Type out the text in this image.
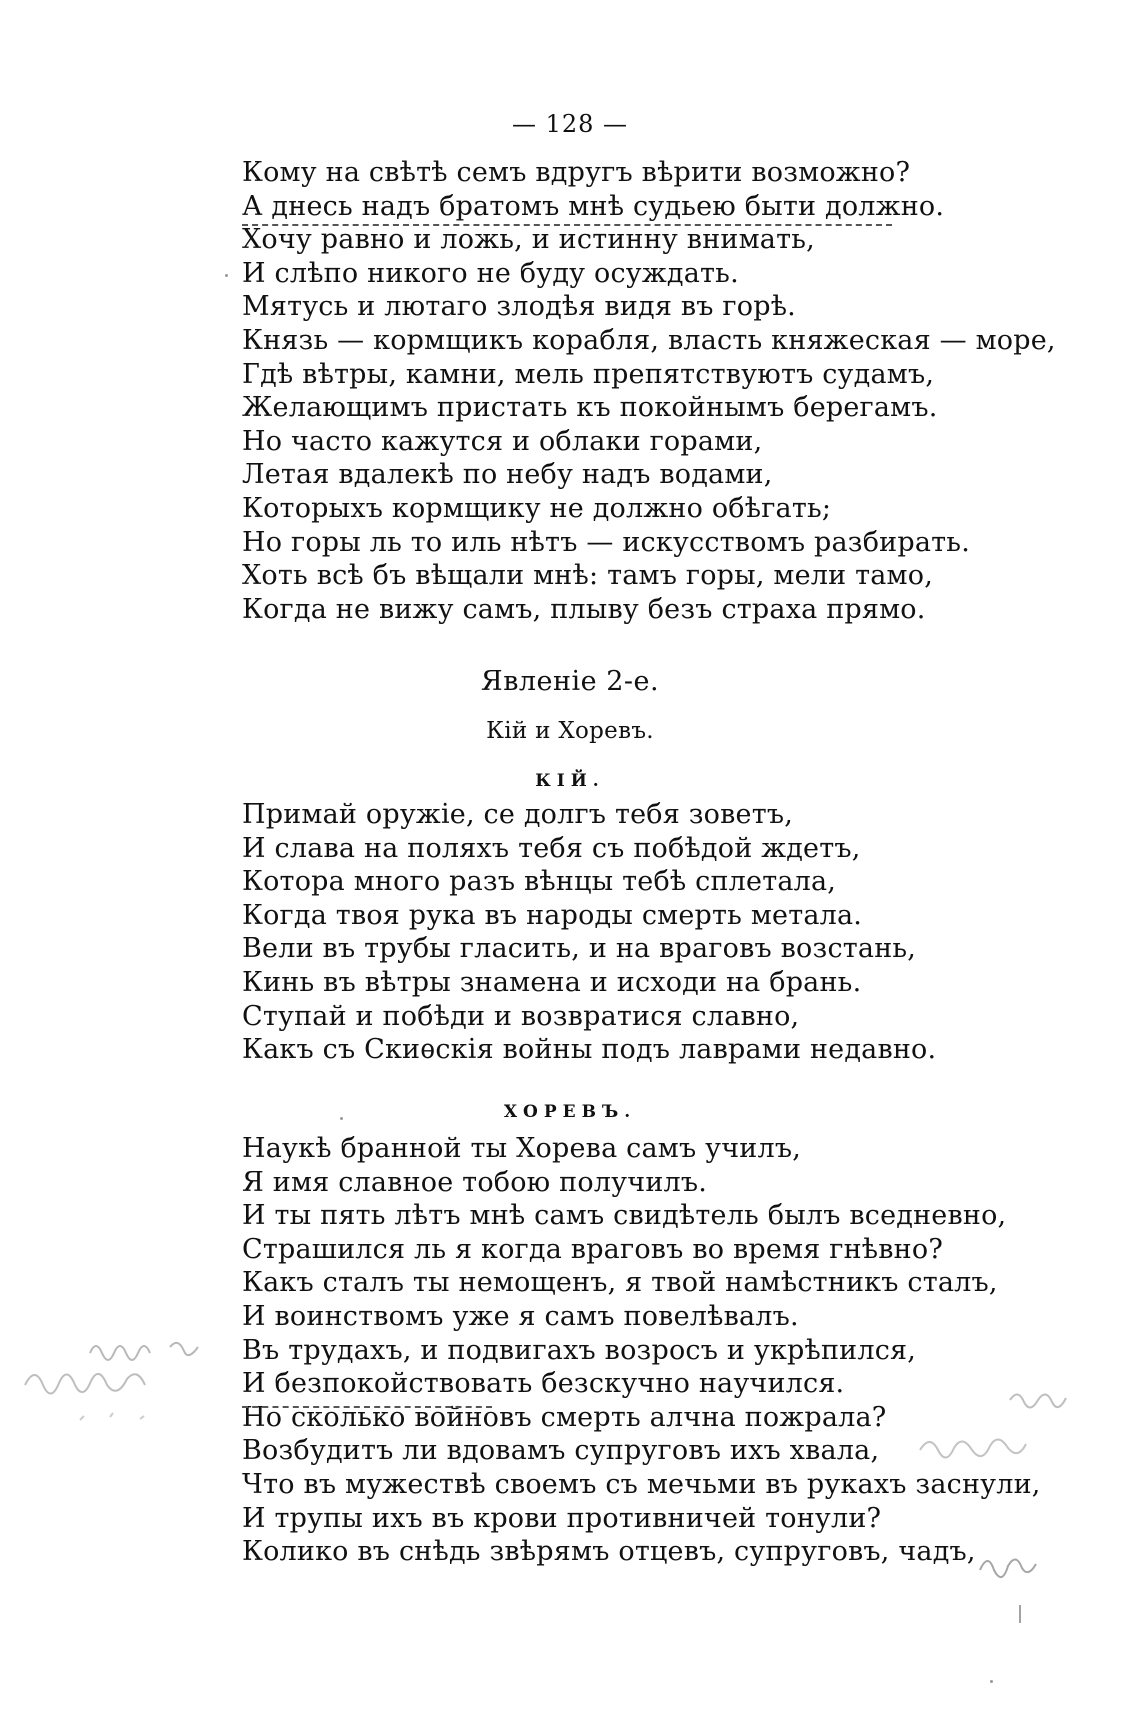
— 128 —
Кому на свѣтѣ семъ вдругъ вѣрити возможно?
А днесь надъ братомъ мнѣ судьею быти должно.
Хочу равно и ложь, и истинну внимать,
И слѣпо никого не буду осуждать.
Мятусь и лютаго злодѣя видя въ горѣ.
Князь — кормщикъ корабля, власть княжеская — море,
Гдѣ вѣтры, камни, мель препятствуютъ судамъ,
Желающимъ пристать къ покойнымъ берегамъ.
Но часто кажутся и облаки горами,
Летая вдалекѣ по небу надъ водами,
Которыхъ кормщику не должно обѣгать;
Но горы ль то иль нѣтъ — искусствомъ разбирать.
Хоть всѣ бъ вѣщали мнѣ: тамъ горы, мели тамо,
Когда не вижу самъ, плыву безъ страха прямо.
Явленіе 2-е.
Кій и Хоревъ.
КІЙ.
Примай оружіе, се долгъ тебя зоветъ,
И слава на поляхъ тебя съ побѣдой ждетъ,
Котора много разъ вѣнцы тебѣ сплетала,
Когда твоя рука въ народы смерть метала.
Вели въ трубы гласить, и на враговъ возстань,
Кинь въ вѣтры знамена и исходи на брань.
Ступай и побѣди и возвратися славно,
Какъ съ Скиѳскія войны подъ лаврами недавно.
ХОРЕВЪ.
Наукѣ бранной ты Хорева самъ училъ,
Я имя славное тобою получилъ.
И ты пять лѣтъ мнѣ самъ свидѣтель былъ вседневно,
Страшился ль я когда враговъ во время гнѣвно?
Какъ сталъ ты немощенъ, я твой намѣстникъ сталъ,
И воинствомъ уже я самъ повелѣвалъ.
Въ трудахъ, и подвигахъ возросъ и укрѣпился,
И безпокойствовать безскучно научился.
Но сколько войновъ смерть алчна пожрала?
Возбудитъ ли вдовамъ супруговъ ихъ хвала,
Что въ мужествѣ своемъ съ мечьми въ рукахъ заснули,
И трупы ихъ въ крови противничей тонули?
Колико въ снѣдь звѣрямъ отцевъ, супруговъ, чадъ,
